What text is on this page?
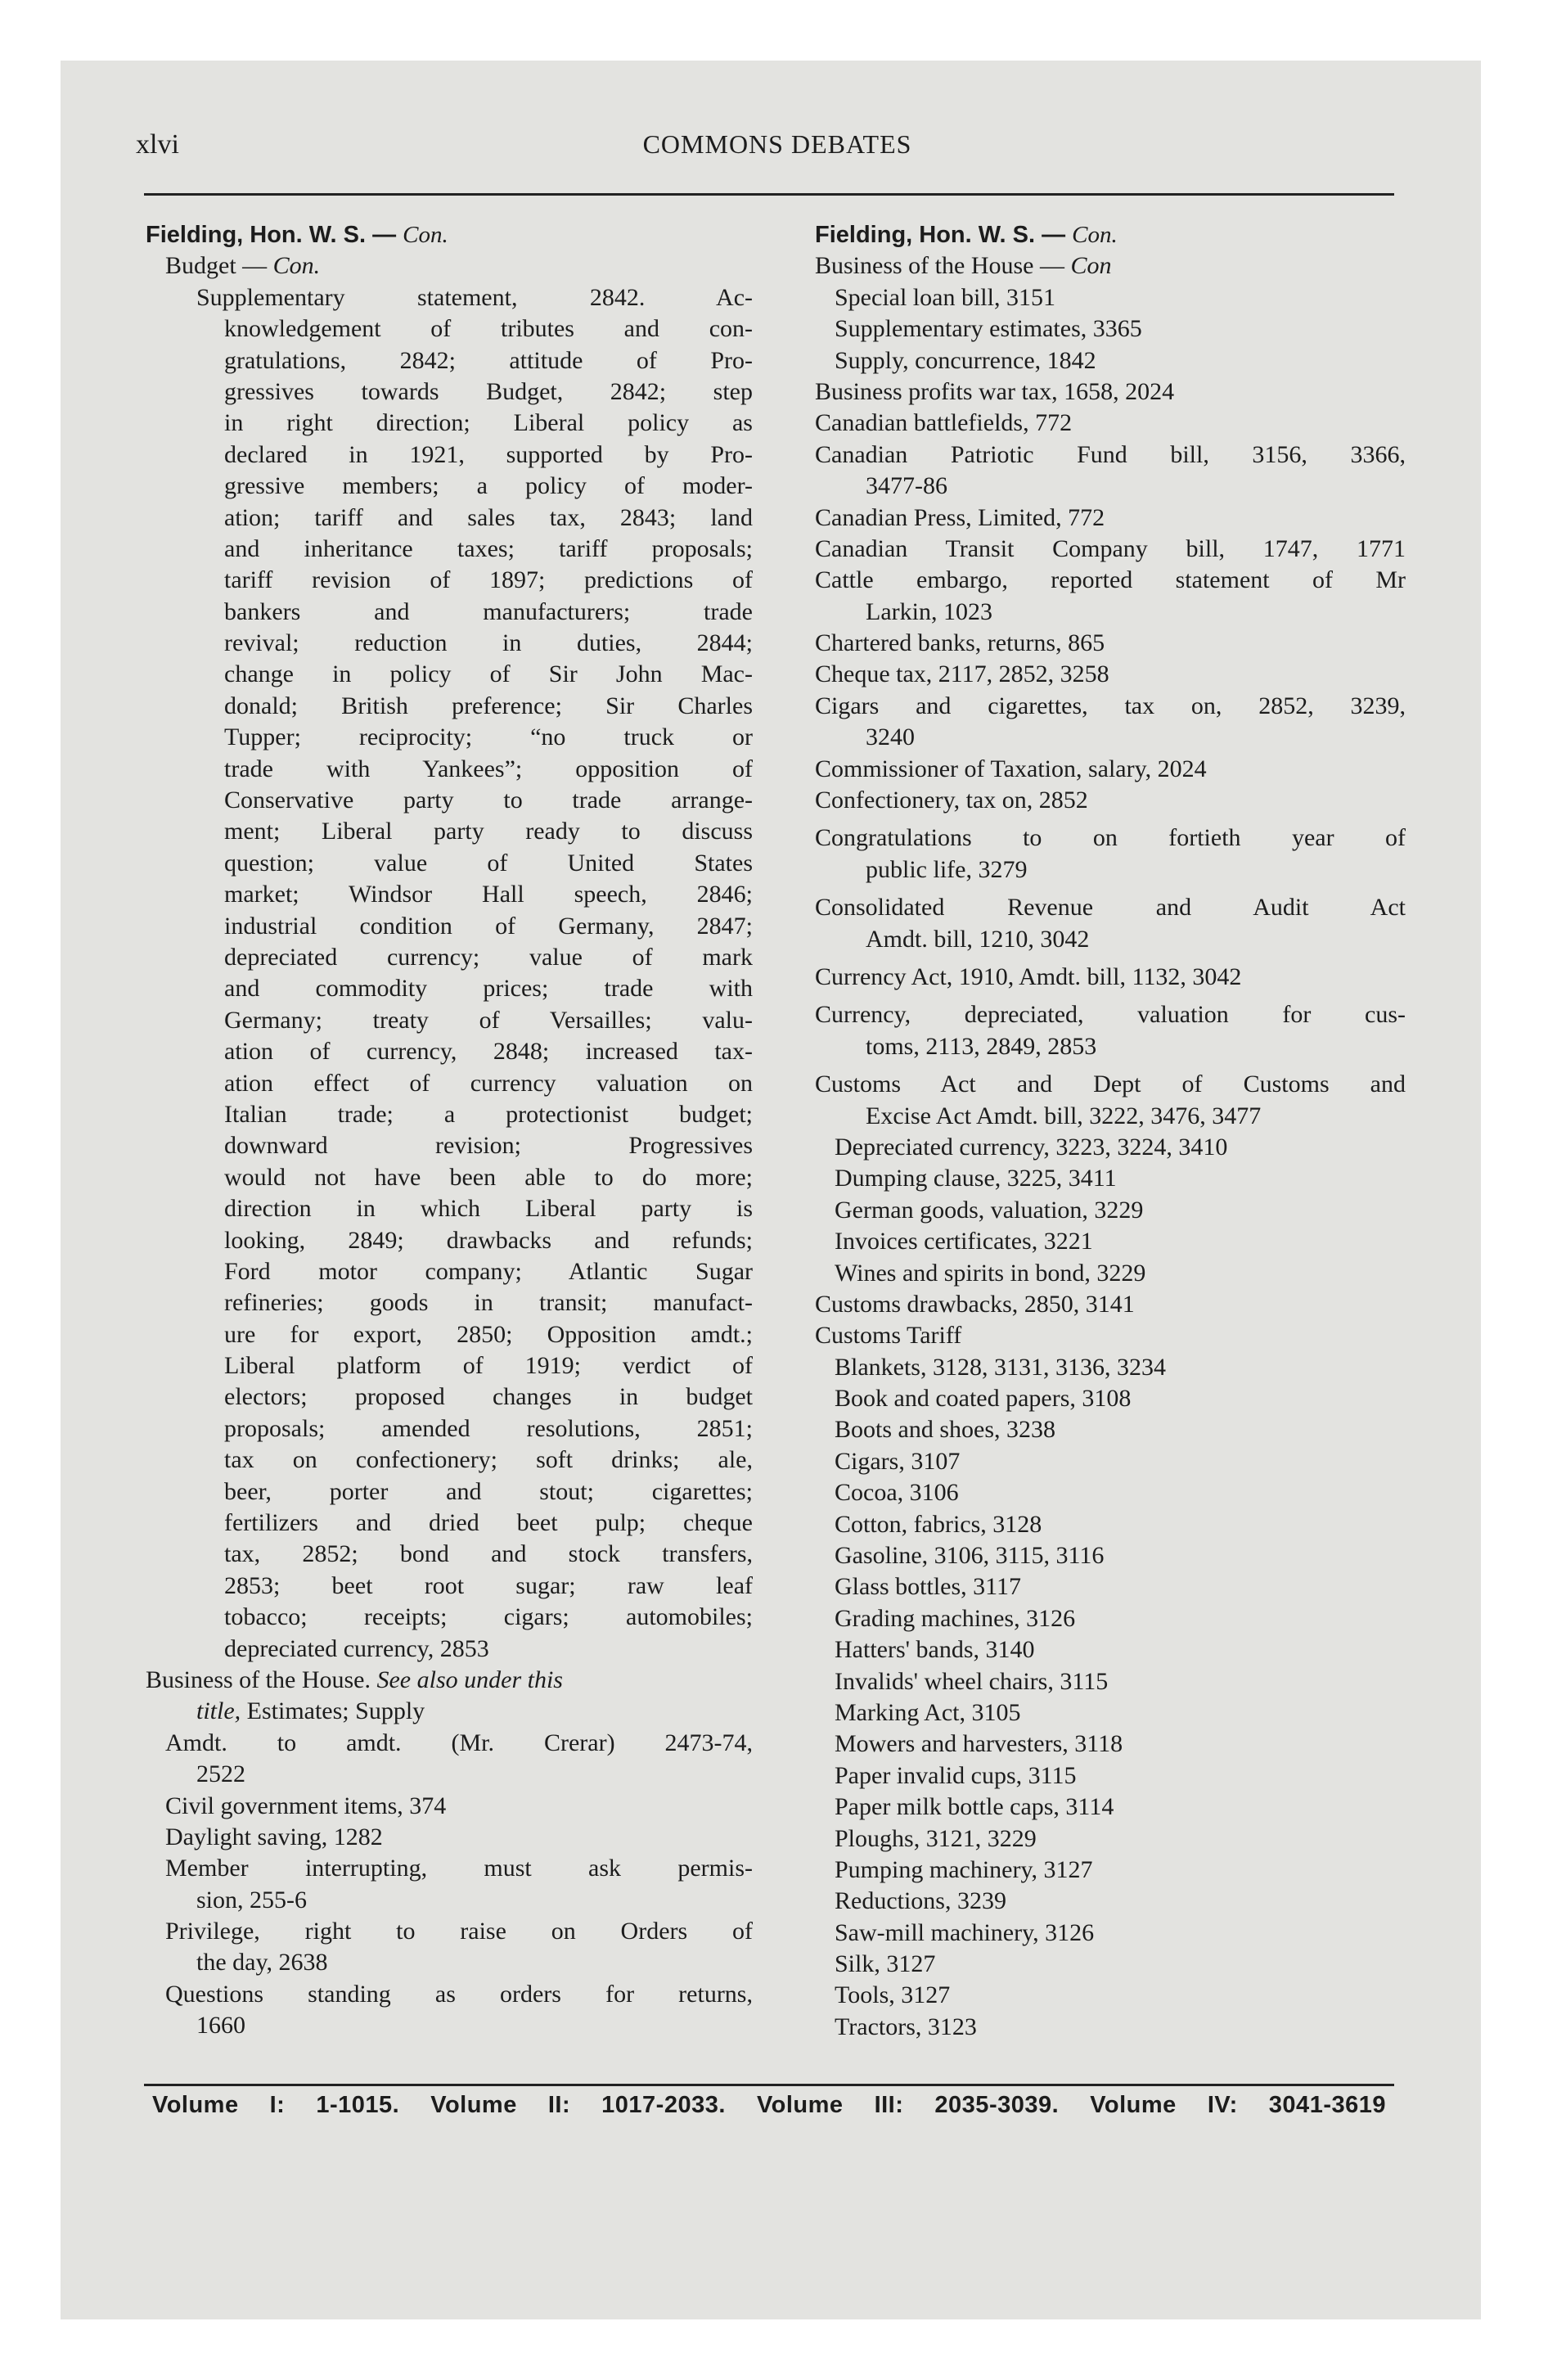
xlvi	COMMONS DEBATES
Fielding, Hon. W. S. — Con.
Budget — Con.
Supplementary statement, 2842. Ac-
knowledgement of tributes and con-
gratulations, 2842; attitude of Pro-
gressives towards Budget, 2842; step
in right direction; Liberal policy as
declared in 1921, supported by Pro-
gressive members; a policy of moder-
ation; tariff and sales tax, 2843; land
and inheritance taxes; tariff proposals;
tariff revision of 1897; predictions of
bankers and manufacturers; trade
revival; reduction in duties, 2844;
change in policy of Sir John Mac-
donald; British preference; Sir Charles
Tupper; reciprocity; “no truck or
trade with Yankees”; opposition of
Conservative party to trade arrange-
ment; Liberal party ready to discuss
question; value of United States
market; Windsor Hall speech, 2846;
industrial condition of Germany, 2847;
depreciated currency; value of mark
and commodity prices; trade with
Germany; treaty of Versailles; valu-
ation of currency, 2848; increased tax-
ation effect of currency valuation on
Italian trade; a protectionist budget;
downward revision; Progressives
would not have been able to do more;
direction in which Liberal party is
looking, 2849; drawbacks and refunds;
Ford motor company; Atlantic Sugar
refineries; goods in transit; manufact-
ure for export, 2850; Opposition amdt.;
Liberal platform of 1919; verdict of
electors; proposed changes in budget
proposals; amended resolutions, 2851;
tax on confectionery; soft drinks; ale,
beer, porter and stout; cigarettes;
fertilizers and dried beet pulp; cheque
tax, 2852; bond and stock transfers,
2853; beet root sugar; raw leaf
tobacco; receipts; cigars; automobiles;
depreciated currency, 2853
Business of the House. See also under this
title, Estimates; Supply
Amdt. to amdt. (Mr. Crerar) 2473-74,
2522
Civil government items, 374
Daylight saving, 1282
Member interrupting, must ask permis-
sion, 255-6
Privilege, right to raise on Orders of
the day, 2638
Questions standing as orders for returns,
1660
Fielding, Hon. W. S. — Con.
Business of the House — Con
Special loan bill, 3151
Supplementary estimates, 3365
Supply, concurrence, 1842
Business profits war tax, 1658, 2024
Canadian battlefields, 772
Canadian Patriotic Fund bill, 3156, 3366,
3477-86
Canadian Press, Limited, 772
Canadian Transit Company bill, 1747, 1771
Cattle embargo, reported statement of Mr
Larkin, 1023
Chartered banks, returns, 865
Cheque tax, 2117, 2852, 3258
Cigars and cigarettes, tax on, 2852, 3239,
3240
Commissioner of Taxation, salary, 2024
Confectionery, tax on, 2852
Congratulations to on fortieth year of
public life, 3279
Consolidated Revenue and Audit Act
Amdt. bill, 1210, 3042
Currency Act, 1910, Amdt. bill, 1132, 3042
Currency, depreciated, valuation for cus-
toms, 2113, 2849, 2853
Customs Act and Dept of Customs and
Excise Act Amdt. bill, 3222, 3476, 3477
Depreciated currency, 3223, 3224, 3410
Dumping clause, 3225, 3411
German goods, valuation, 3229
Invoices certificates, 3221
Wines and spirits in bond, 3229
Customs drawbacks, 2850, 3141
Customs Tariff
Blankets, 3128, 3131, 3136, 3234
Book and coated papers, 3108
Boots and shoes, 3238
Cigars, 3107
Cocoa, 3106
Cotton, fabrics, 3128
Gasoline, 3106, 3115, 3116
Glass bottles, 3117
Grading machines, 3126
Hatters' bands, 3140
Invalids' wheel chairs, 3115
Marking Act, 3105
Mowers and harvesters, 3118
Paper invalid cups, 3115
Paper milk bottle caps, 3114
Ploughs, 3121, 3229
Pumping machinery, 3127
Reductions, 3239
Saw-mill machinery, 3126
Silk, 3127
Tools, 3127
Tractors, 3123
Volume I: 1-1015. Volume II: 1017-2033. Volume III: 2035-3039. Volume IV: 3041-3619
